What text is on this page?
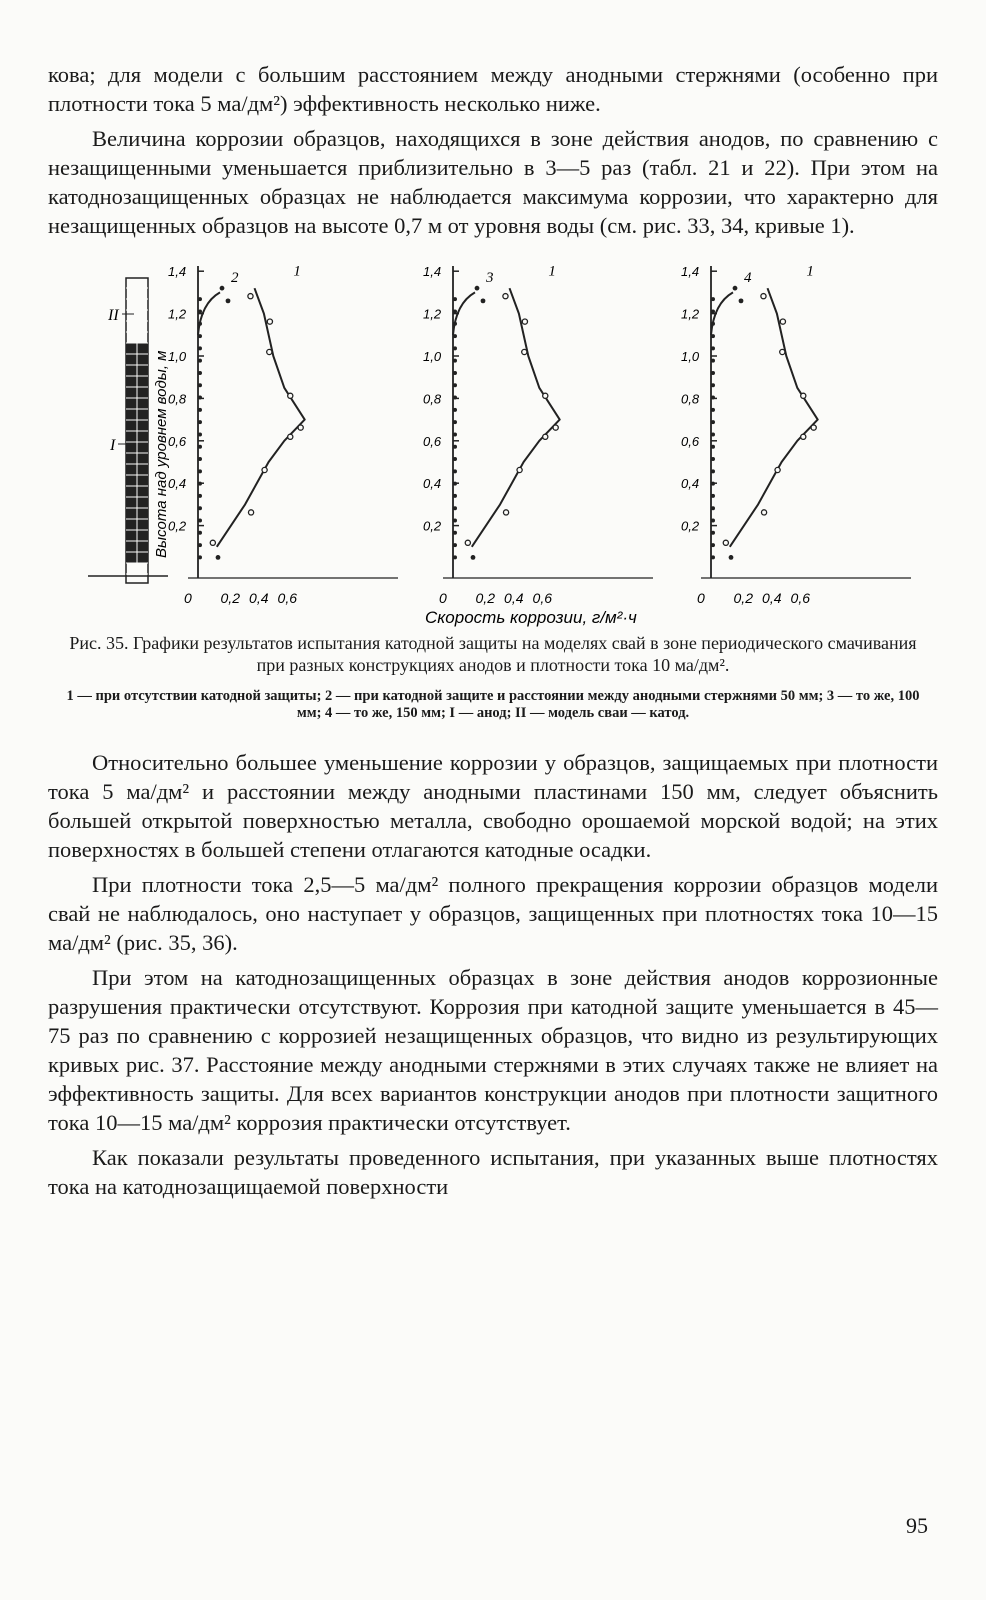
кова; для модели с большим расстоянием между анодными стержнями (особенно при плотности тока 5 ма/дм²) эффективность несколько ниже.

Величина коррозии образцов, находящихся в зоне действия анодов, по сравнению с незащищенными уменьшается приблизительно в 3—5 раз (табл. 21 и 22). При этом на катоднозащищенных образцах не наблюдается максимума коррозии, что характерно для незащищенных образцов на высоте 0,7 м от уровня воды (см. рис. 33, 34, кривые 1).

II
I	Высота над уровнем воды, м
0,2
0,4
0,6
0,8
1,0
1,2
1,4
0 0,2 0,4 0,6
2	1
0,2
0,4
0,6
0,8
1,0
1,2
1,4
0 0,2 0,4 0,6
3	1
0,2
0,4
0,6
0,8
1,0
1,2
1,4
0 0,2 0,4 0,6
4	1
Скорость коррозии, г/м²·ч

Рис. 35. Графики результатов испытания катодной защиты на моделях свай в зоне периодического смачивания при разных конструкциях анодов и плотности тока 10 ма/дм².

1 — при отсутствии катодной защиты; 2 — при катодной защите и расстоянии между анодными стержнями 50 мм; 3 — то же, 100 мм; 4 — то же, 150 мм; I — анод; II — модель сваи — катод.

Относительно большее уменьшение коррозии у образцов, защищаемых при плотности тока 5 ма/дм² и расстоянии между анодными пластинами 150 мм, следует объяснить большей открытой поверхностью металла, свободно орошаемой морской водой; на этих поверхностях в большей степени отлагаются катодные осадки.

При плотности тока 2,5—5 ма/дм² полного прекращения коррозии образцов модели свай не наблюдалось, оно наступает у образцов, защищенных при плотностях тока 10—15 ма/дм² (рис. 35, 36).

При этом на катоднозащищенных образцах в зоне действия анодов коррозионные разрушения практически отсутствуют. Коррозия при катодной защите уменьшается в 45—75 раз по сравнению с коррозией незащищенных образцов, что видно из результирующих кривых рис. 37. Расстояние между анодными стержнями в этих случаях также не влияет на эффективность защиты. Для всех вариантов конструкции анодов при плотности защитного тока 10—15 ма/дм² коррозия практически отсутствует.

Как показали результаты проведенного испытания, при указанных выше плотностях тока на катоднозащищаемой поверхности

95
